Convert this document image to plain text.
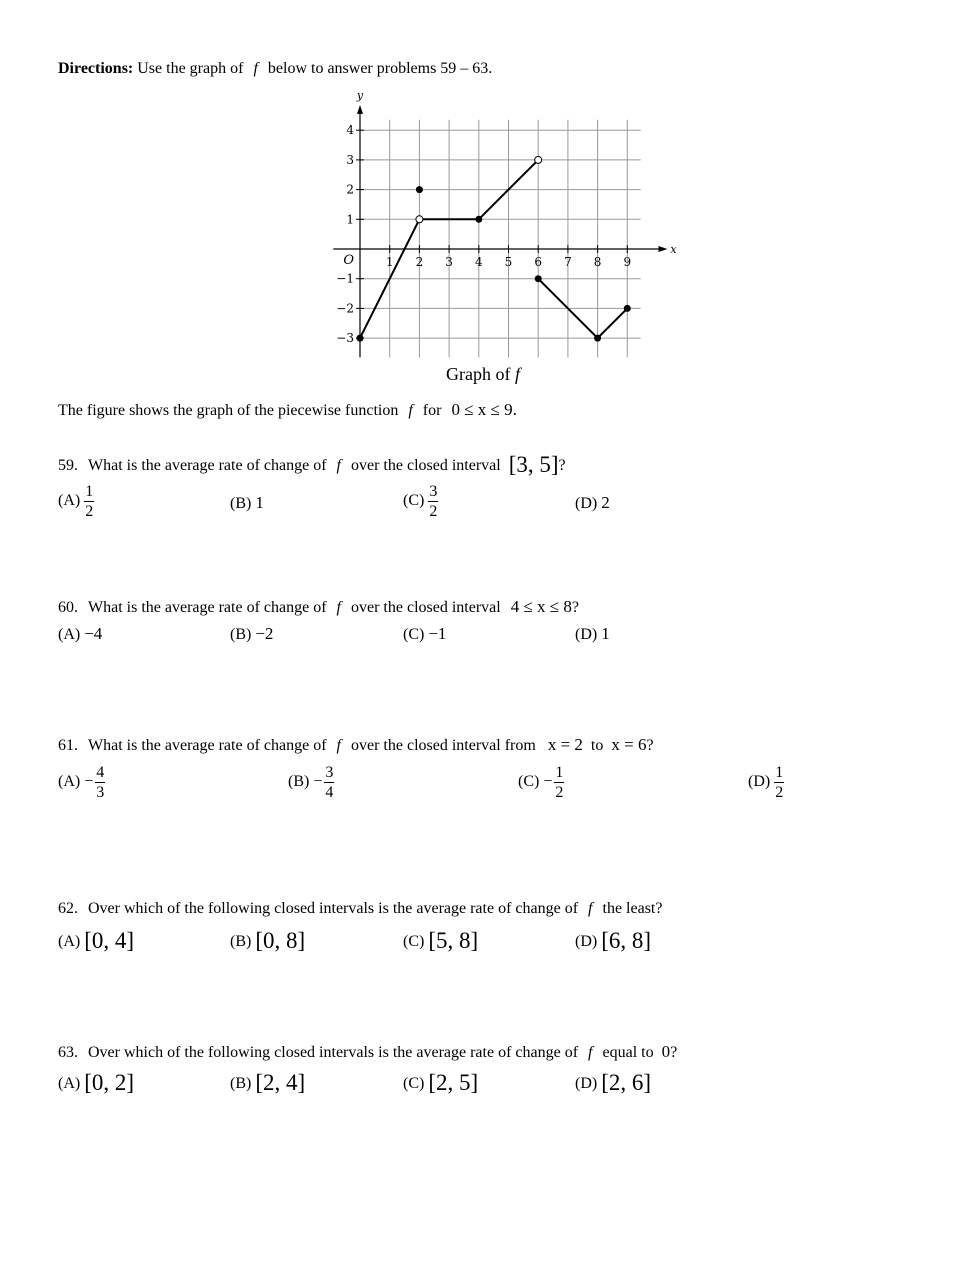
Directions: Use the graph of f below to answer problems 59 – 63.
1 2 3 4 5 6 7 8 9
4
3
2
1
−1
−2
−3
x
y
O
Graph of f
The figure shows the graph of the piecewise function f for 0 ≤ x ≤ 9.
59. What is the average rate of change of f over the closed interval [3, 5]?
$(A) \frac{1}{2}$	(B) 1	$(C) \frac{3}{2}$	(D) 2
60. What is the average rate of change of f over the closed interval 4 ≤ x ≤ 8?
(A) −4	(B) −2	(C) −1	(D) 1
61. What is the average rate of change of f over the closed interval from x = 2 to x = 6?
$(A) - \frac{4}{3}$	$(B) - \frac{3}{4}$	$(C) - \frac{1}{2}$	$(D) \frac{1}{2}$
62. Over which of the following closed intervals is the average rate of change of f the least?
(A) [0, 4]	(B) [0, 8]	(C) [5, 8]	(D) [6, 8]
63. Over which of the following closed intervals is the average rate of change of f equal to 0?
(A) [0, 2]	(B) [2, 4]	(C) [2, 5]	(D) [2, 6]
